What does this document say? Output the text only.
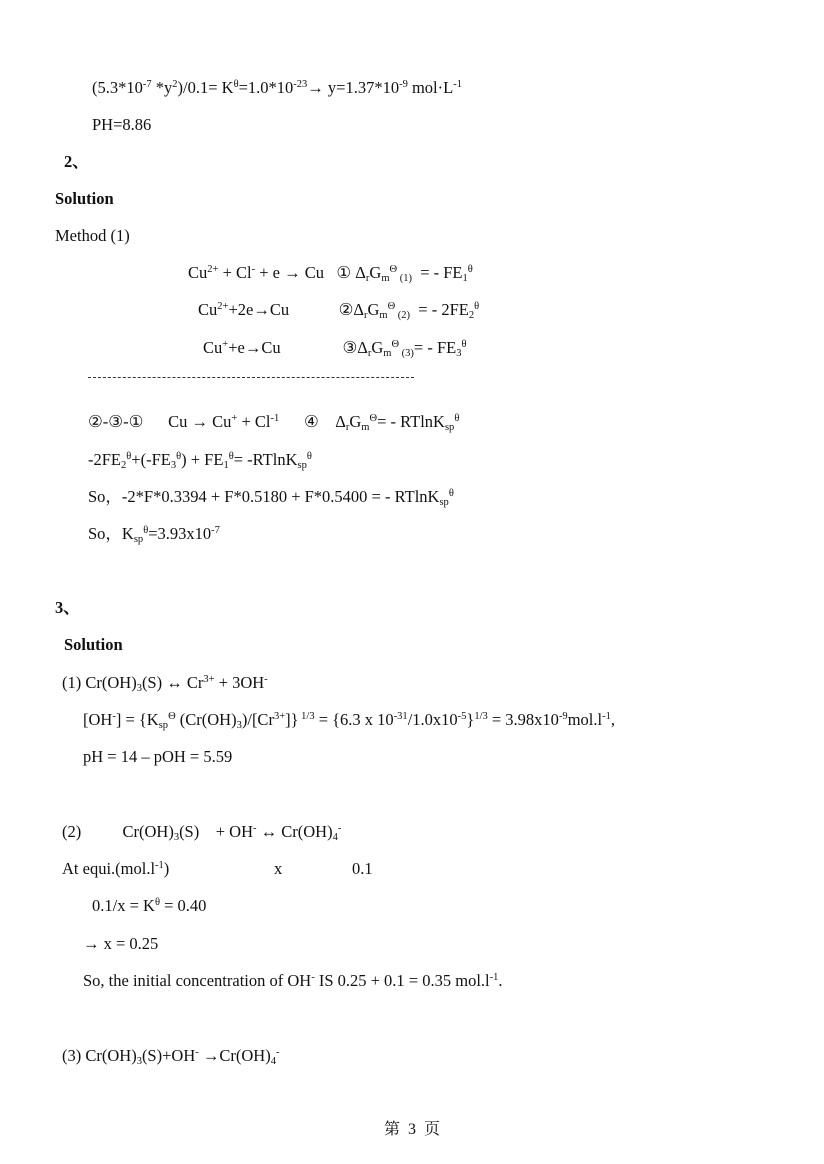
($5.3*10^{-7}$ $*y^2)/0.1= K^\theta=1.0*10^{-23}\to y=1.37*10^{-9}$ $mol\cdot L^{-1}$
PH=8.86
2、
Solution
Method (1)
$Cu^{2+} + Cl^- + e \to Cu$   ① $\Delta_rG_m^\Theta$ $_{(1)}$  = - $FE_1^\theta$
$Cu^{2+}+2e\to Cu$            $②\Delta_rG_m^\Theta$ $_{(2)}$  = - $2FE_2^\theta$
Cu++e→Cu               $③\Delta_rG_m^\Theta$ $_{(3)}= - FE_3^\theta$
②-③-①      $Cu \to Cu^+ + Cl^{-1}$      ④    $\Delta_rG_m^\Theta= - RTlnK_{sp}^\theta$
$-2FE_2^\theta+(-FE_3^\theta) + FE_1^\theta= -RTlnK_{sp}^\theta$
So，-2*F*0.3394 + F*0.5180 + F*0.5400 = - RTlnK$_{sp}^\theta$
So，$K_{sp}^\theta=3.93x10^{-7}$
3、
Solution
(1) $Cr(OH)_3(S)$ ↔ $Cr^{3+} + 3OH^-$
$[OH^-] = \{K_{sp}^\Theta$ $(Cr(OH)_3)/[Cr^{3+}]$} $^{1/3}$ = {6.3 x $10^{-31}/1.0x10^{-5}\}^{1/3} = 3.98x10^{-9}mol.l^{-1}$,
pH = 14 – pOH = 5.59
(2)          $Cr(OH)_3(S)$    + OH- ↔ $Cr(OH)_4^-$
At $equi.(mol.l^{-1})$	x	0.1
$0.1/x = K^\theta = 0.40$
→ x = 0.25
So, the initial concentration of OH- IS 0.25 + 0.1 = 0.35 $mol.l^{-1}$.
(3) $Cr(OH)_3(S)+OH^- \to Cr(OH)_4^-$
第 3 页
